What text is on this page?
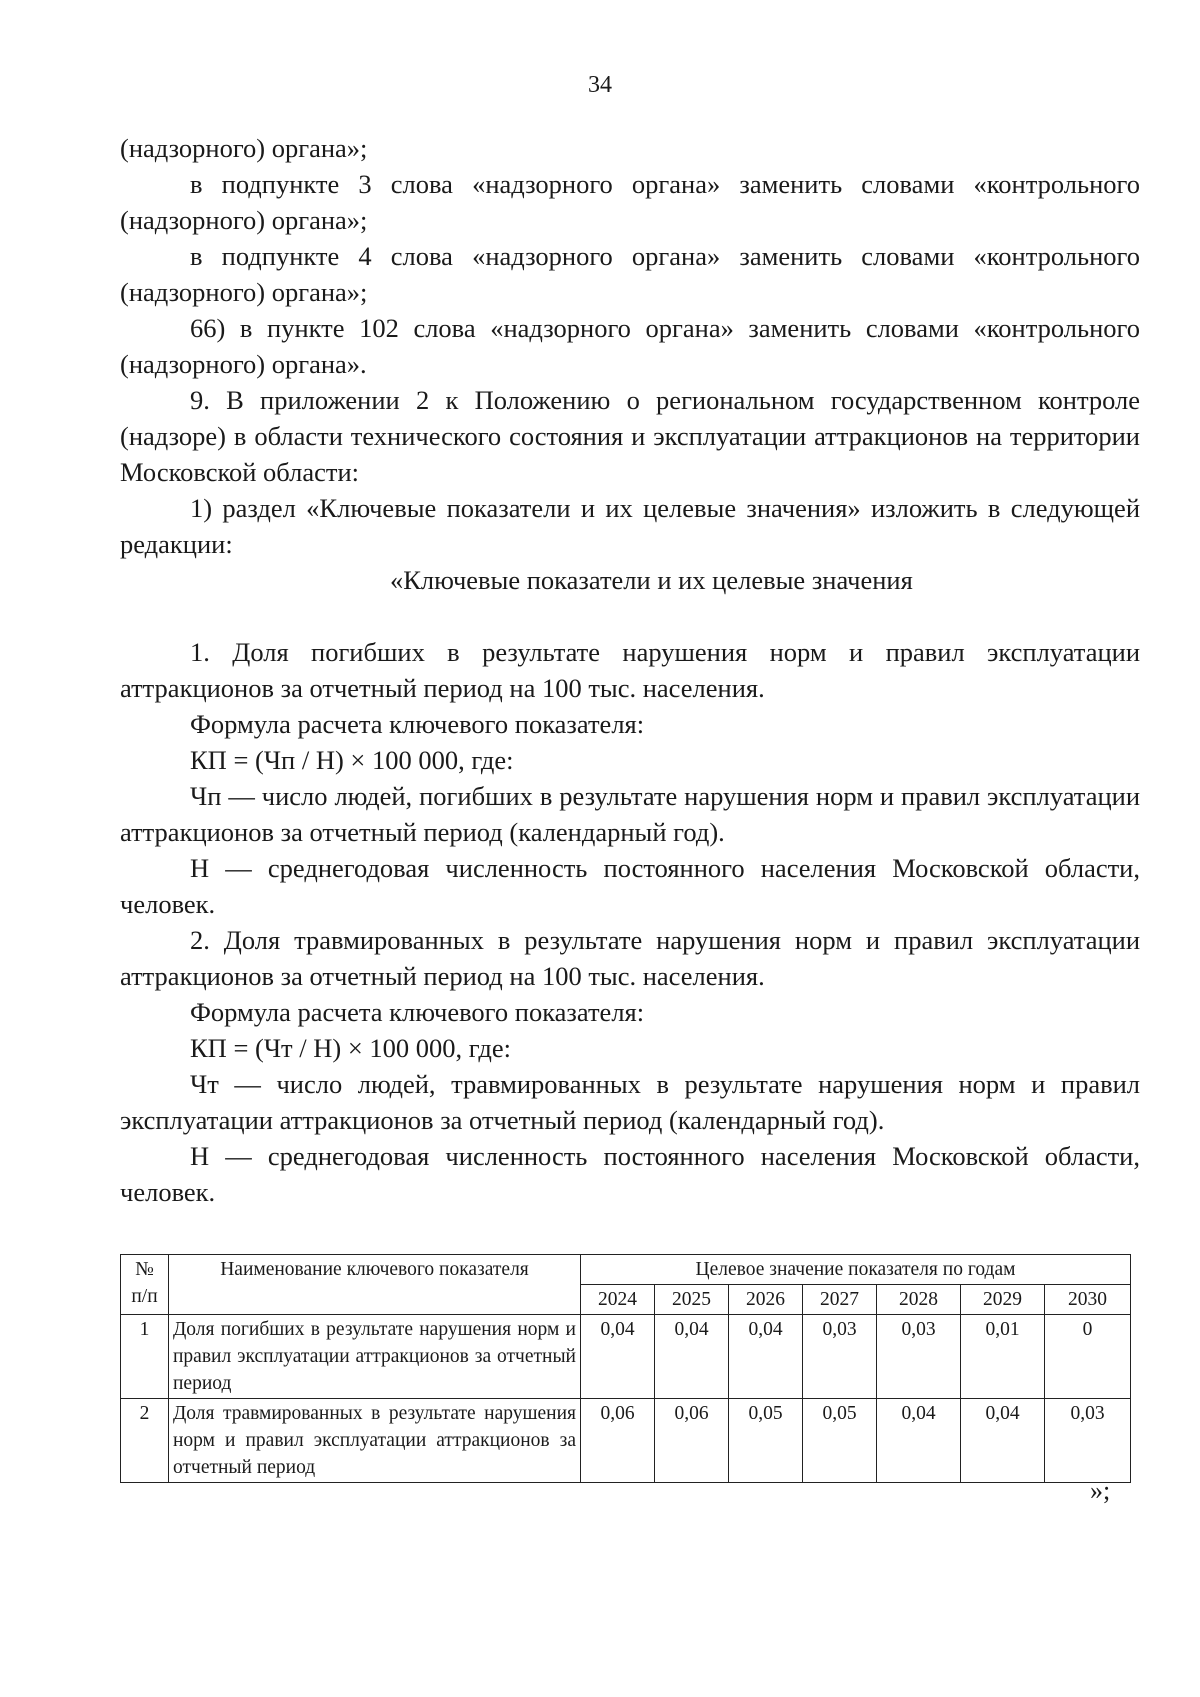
34

(надзорного) органа»;

в подпункте 3 слова «надзорного органа» заменить словами «контрольного (надзорного) органа»;

в подпункте 4 слова «надзорного органа» заменить словами «контрольного (надзорного) органа»;

66) в пункте 102 слова «надзорного органа» заменить словами «контрольного (надзорного) органа».

9. В приложении 2 к Положению о региональном государственном контроле (надзоре) в области технического состояния и эксплуатации аттракционов на территории Московской области:

1) раздел «Ключевые показатели и их целевые значения» изложить в следующей редакции:

«Ключевые показатели и их целевые значения

1. Доля погибших в результате нарушения норм и правил эксплуатации аттракционов за отчетный период на 100 тыс. населения.

Формула расчета ключевого показателя:

КП = (Чп / Н) × 100 000, где:

Чп — число людей, погибших в результате нарушения норм и правил эксплуатации аттракционов за отчетный период (календарный год).

Н — среднегодовая численность постоянного населения Московской области, человек.

2. Доля травмированных в результате нарушения норм и правил эксплуатации аттракционов за отчетный период на 100 тыс. населения.

Формула расчета ключевого показателя:

КП = (Чт / Н) × 100 000, где:

Чт — число людей, травмированных в результате нарушения норм и правил эксплуатации аттракционов за отчетный период (календарный год).

Н — среднегодовая численность постоянного населения Московской области, человек.

№ п/п	Наименование ключевого показателя	Целевое значение показателя по годам						
		2024	2025	2026	2027	2028	2029	2030
1	Доля погибших в результате нарушения норм и правил эксплуатации аттракционов за отчетный период	0,04	0,04	0,04	0,03	0,03	0,01	0
2	Доля травмированных в результате нарушения норм и правил эксплуатации аттракционов за отчетный период	0,06	0,06	0,05	0,05	0,04	0,04	0,03
»;
